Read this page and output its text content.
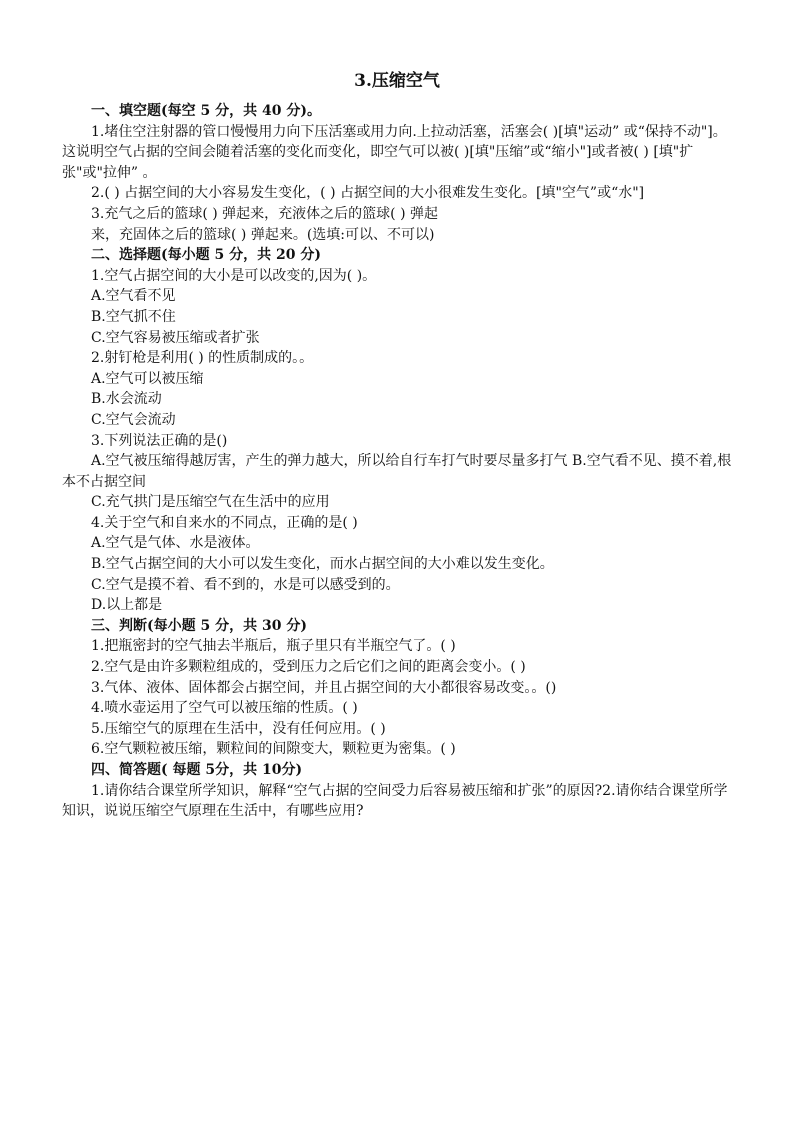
3.压缩空气
一、填空题(每空 5 分，共 40 分)。
1.堵住空注射器的管口慢慢用力向下压活塞或用力向.上拉动活塞，活塞会( )[填"运动” 或“保持不动"]。这说明空气占据的空间会随着活塞的变化而变化，即空气可以被( )[填"压缩”或“缩小"]或者被( ) [填"扩 张"或"拉伸” 。
2.( ) 占据空间的大小容易发生变化，( ) 占据空间的大小很难发生变化。[填"空气”或“水"]
3.充气之后的篮球( ) 弹起来，充液体之后的篮球( ) 弹起
来，充固体之后的篮球( ) 弹起来。(选填:可以、不可以)
二、选择题(每小题 5 分，共 20 分)
1.空气占据空间的大小是可以改变的,因为( )。
A.空气看不见
B.空气抓不住
C.空气容易被压缩或者扩张
2.射钉枪是利用( ) 的性质制成的。。
A.空气可以被压缩
B.水会流动
C.空气会流动
3.下列说法正确的是()
A.空气被压缩得越厉害，产生的弹力越大，所以给自行车打气时要尽量多打气 B.空气看不见、摸不着,根本不占据空间
C.充气拱门是压缩空气在生活中的应用
4.关于空气和自来水的不同点，正确的是( )
A.空气是气体、水是液体。
B.空气占据空间的大小可以发生变化，而水占据空间的大小难以发生变化。
C.空气是摸不着、看不到的，水是可以感受到的。
D.以上都是
三、判断(每小题 5 分，共 30 分)
1.把瓶密封的空气抽去半瓶后，瓶子里只有半瓶空气了。( )
2.空气是由许多颗粒组成的，受到压力之后它们之间的距离会变小。( )
3.气体、液体、固体都会占据空间，并且占据空间的大小都很容易改变。。()
4.喷水壶运用了空气可以被压缩的性质。( )
5.压缩空气的原理在生活中，没有任何应用。( )
6.空气颗粒被压缩，颗粒间的间隙变大，颗粒更为密集。( )
四、简答题( 每题 5分，共 10分)
1.请你结合课堂所学知识，解释“空气占据的空间受力后容易被压缩和扩张”的原因?2.请你结合课堂所学知识，说说压缩空气原理在生活中，有哪些应用?
